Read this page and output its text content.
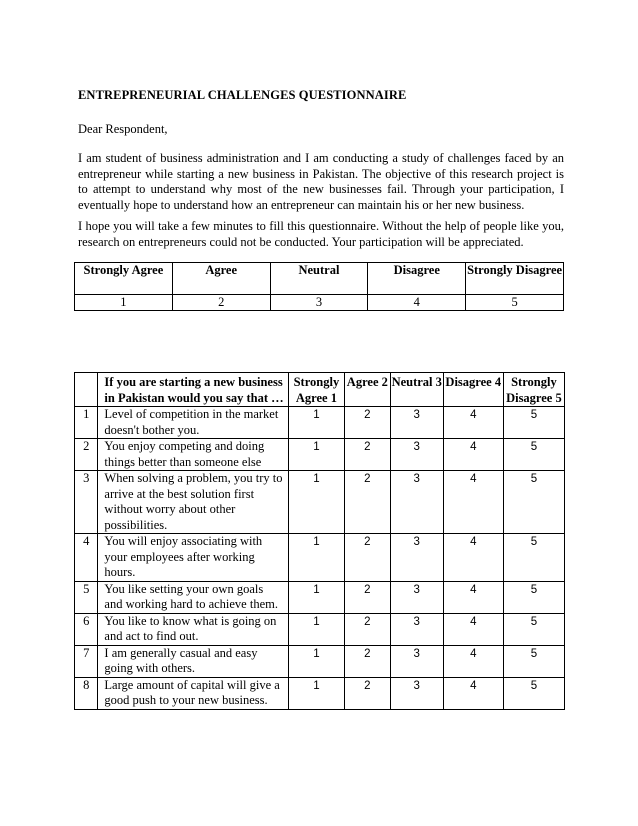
ENTREPRENEURIAL CHALLENGES QUESTIONNAIRE
Dear Respondent,
I am student of business administration and I am conducting a study of challenges faced by an entrepreneur while starting a new business in Pakistan. The objective of this research project is to attempt to understand why most of the new businesses fail. Through your participation, I eventually hope to understand how an entrepreneur can maintain his or her new business.
I hope you will take a few minutes to fill this questionnaire. Without the help of people like you, research on entrepreneurs could not be conducted. Your participation will be appreciated.
Strongly Agree	Agree	Neutral	Disagree	Strongly Disagree
1	2	3	4	5
	If you are starting a new business in Pakistan would you say that …	Strongly Agree 1	Agree 2	Neutral 3	Disagree 4	Strongly Disagree 5
1	Level of competition in the market doesn't bother you.	1	2	3	4	5
2	You enjoy competing and doing things better than someone else	1	2	3	4	5
3	When solving a problem, you try to arrive at the best solution first without worry about other possibilities.	1	2	3	4	5
4	You will enjoy associating with your employees after working hours.	1	2	3	4	5
5	You like setting your own goals and working hard to achieve them.	1	2	3	4	5
6	You like to know what is going on and act to find out.	1	2	3	4	5
7	I am generally casual and easy going with others.	1	2	3	4	5
8	Large amount of capital will give a good push to your new business.	1	2	3	4	5
